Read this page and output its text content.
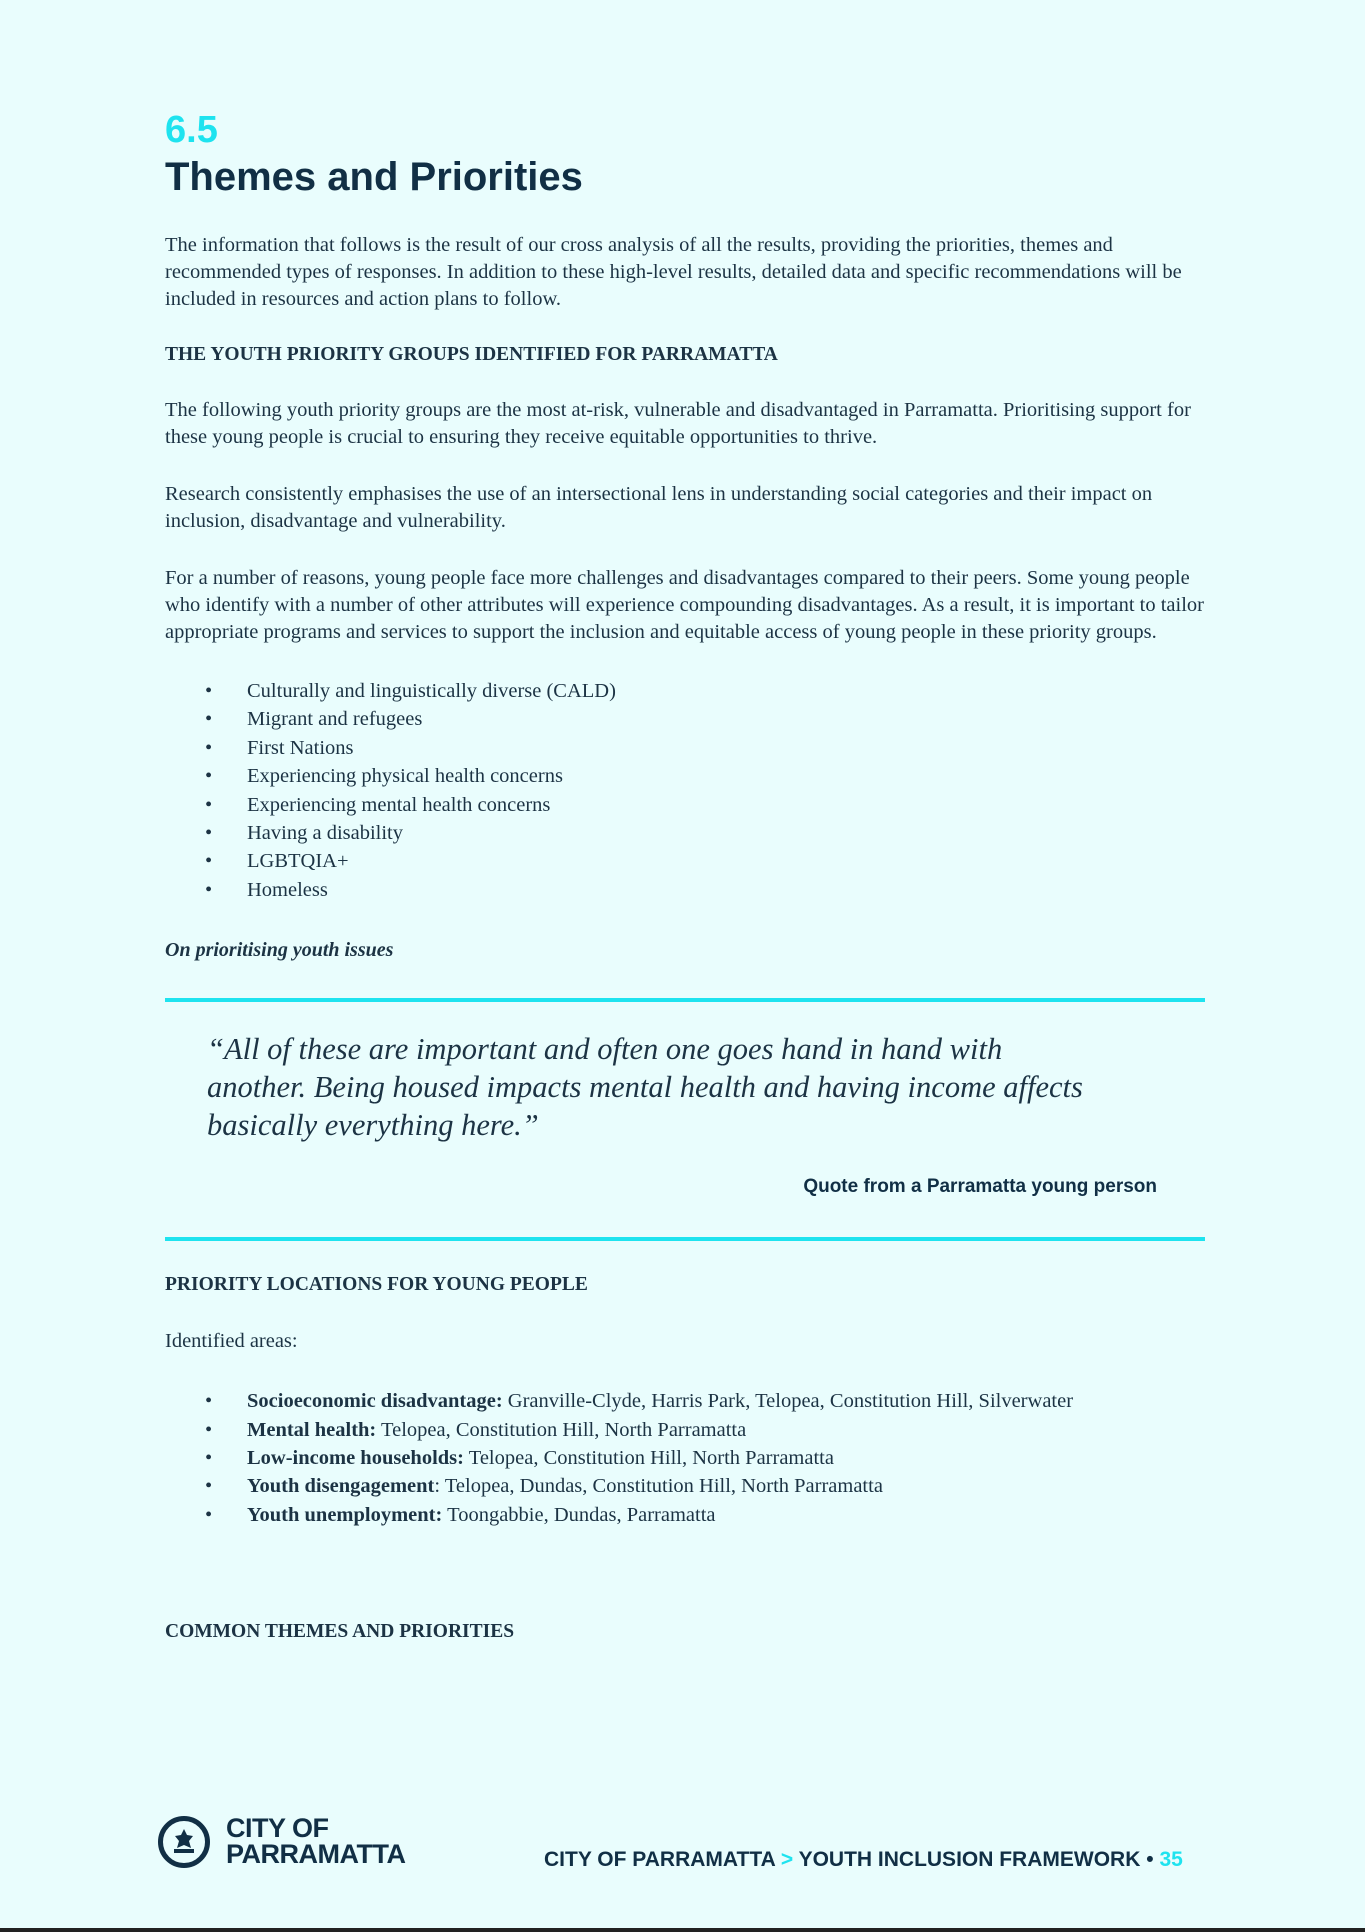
6.5
Themes and Priorities

The information that follows is the result of our cross analysis of all the results, providing the priorities, themes and recommended types of responses. In addition to these high-level results, detailed data and specific recommendations will be included in resources and action plans to follow.

THE YOUTH PRIORITY GROUPS IDENTIFIED FOR PARRAMATTA

The following youth priority groups are the most at-risk, vulnerable and disadvantaged in Parramatta. Prioritising support for these young people is crucial to ensuring they receive equitable opportunities to thrive.

Research consistently emphasises the use of an intersectional lens in understanding social categories and their impact on inclusion, disadvantage and vulnerability.

For a number of reasons, young people face more challenges and disadvantages compared to their peers. Some young people who identify with a number of other attributes will experience compounding disadvantages. As a result, it is important to tailor appropriate programs and services to support the inclusion and equitable access of young people in these priority groups.

• Culturally and linguistically diverse (CALD)
• Migrant and refugees
• First Nations
• Experiencing physical health concerns
• Experiencing mental health concerns
• Having a disability
• LGBTQIA+
• Homeless
On prioritising youth issues
“All of these are important and often one goes hand in hand with another. Being housed impacts mental health and having income affects basically everything here.”
Quote from a Parramatta young person
PRIORITY LOCATIONS FOR YOUNG PEOPLE

Identified areas:

• Socioeconomic disadvantage: Granville-Clyde, Harris Park, Telopea, Constitution Hill, Silverwater
• Mental health: Telopea, Constitution Hill, North Parramatta
• Low-income households: Telopea, Constitution Hill, North Parramatta
• Youth disengagement: Telopea, Dundas, Constitution Hill, North Parramatta
• Youth unemployment: Toongabbie, Dundas, Parramatta
COMMON THEMES AND PRIORITIES
CITY OF
PARRAMATTA	CITY OF PARRAMATTA > YOUTH INCLUSION FRAMEWORK • 35
